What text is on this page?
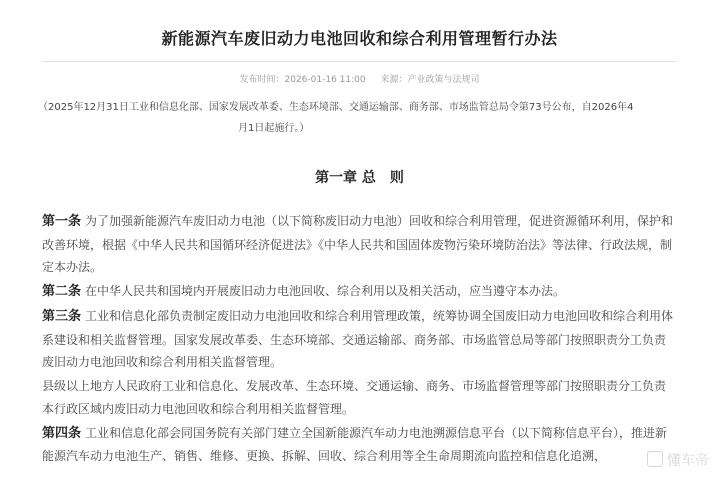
新能源汽车废旧动力电池回收和综合利用管理暂行办法
发布时间：2026-01-16 11:00 来源：产业政策与法规司
（2025年12月31日工业和信息化部、国家发展改革委、生态环境部、交通运输部、商务部、市场监管总局令第73号公布，自2026年4
月1日起施行。）
第一章 总　则

第一条 为了加强新能源汽车废旧动力电池（以下简称废旧动力电池）回收和综合利用管理，促进资源循环利用，保护和改善环境，根据《中华人民共和国循环经济促进法》《中华人民共和国固体废物污染环境防治法》等法律、行政法规，制定本办法。

第二条 在中华人民共和国境内开展废旧动力电池回收、综合利用以及相关活动，应当遵守本办法。

第三条 工业和信息化部负责制定废旧动力电池回收和综合利用管理政策，统筹协调全国废旧动力电池回收和综合利用体系建设和相关监督管理。国家发展改革委、生态环境部、交通运输部、商务部、市场监管总局等部门按照职责分工负责废旧动力电池回收和综合利用相关监督管理。

县级以上地方人民政府工业和信息化、发展改革、生态环境、交通运输、商务、市场监督管理等部门按照职责分工负责本行政区域内废旧动力电池回收和综合利用相关监督管理。

第四条 工业和信息化部会同国务院有关部门建立全国新能源汽车动力电池溯源信息平台（以下简称信息平台），推进新能源汽车动力电池生产、销售、维修、更换、拆解、回收、综合利用等全生命周期流向监控和信息化追溯，	懂车帝
